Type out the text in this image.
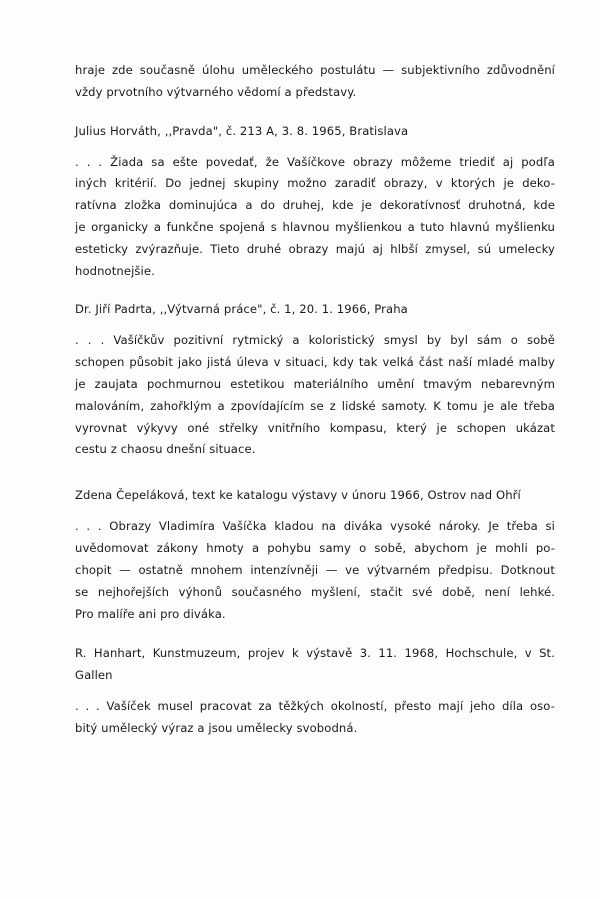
hraje zde současně úlohu uměleckého postulátu — subjektivního zdůvodnění
vždy prvotního výtvarného vědomí a představy.
Julius Horváth, ,,Pravda", č. 213 A, 3. 8. 1965, Bratislava
. . . Žiada sa ešte povedať, že Vašíčkove obrazy môžeme triediť aj podľa
iných kritérií. Do jednej skupiny možno zaradiť obrazy, v ktorých je deko-
ratívna zložka dominujúca a do druhej, kde je dekoratívnosť druhotná, kde
je organicky a funkčne spojená s hlavnou myšlienkou a tuto hlavnú myšlienku
esteticky zvýrazňuje. Tieto druhé obrazy majú aj hlbší zmysel, sú umelecky
hodnotnejšie.
Dr. Jiří Padrta, ,,Výtvarná práce", č. 1, 20. 1. 1966, Praha
. . . Vašíčkův pozitivní rytmický a koloristický smysl by byl sám o sobě
schopen působit jako jistá úleva v situaci, kdy tak velká část naší mladé malby
je zaujata pochmurnou estetikou materiálního umění tmavým nebarevným
malováním, zahořklým a zpovídajícím se z lidské samoty. K tomu je ale třeba
vyrovnat výkyvy oné střelky vnitřního kompasu, který je schopen ukázat
cestu z chaosu dnešní situace.
Zdena Čepeláková, text ke katalogu výstavy v únoru 1966, Ostrov nad Ohří
. . . Obrazy Vladimíra Vašíčka kladou na diváka vysoké nároky. Je třeba si
uvědomovat zákony hmoty a pohybu samy o sobě, abychom je mohli po-
chopit — ostatně mnohem intenzívněji — ve výtvarném předpisu. Dotknout
se nejhořejších výhonů současného myšlení, stačit své době, není lehké.
Pro malíře ani pro diváka.
R. Hanhart, Kunstmuzeum, projev k výstavě 3. 11. 1968, Hochschule, v St.
Gallen
. . . Vašíček musel pracovat za těžkých okolností, přesto mají jeho díla oso-
bitý umělecký výraz a jsou umělecky svobodná.
